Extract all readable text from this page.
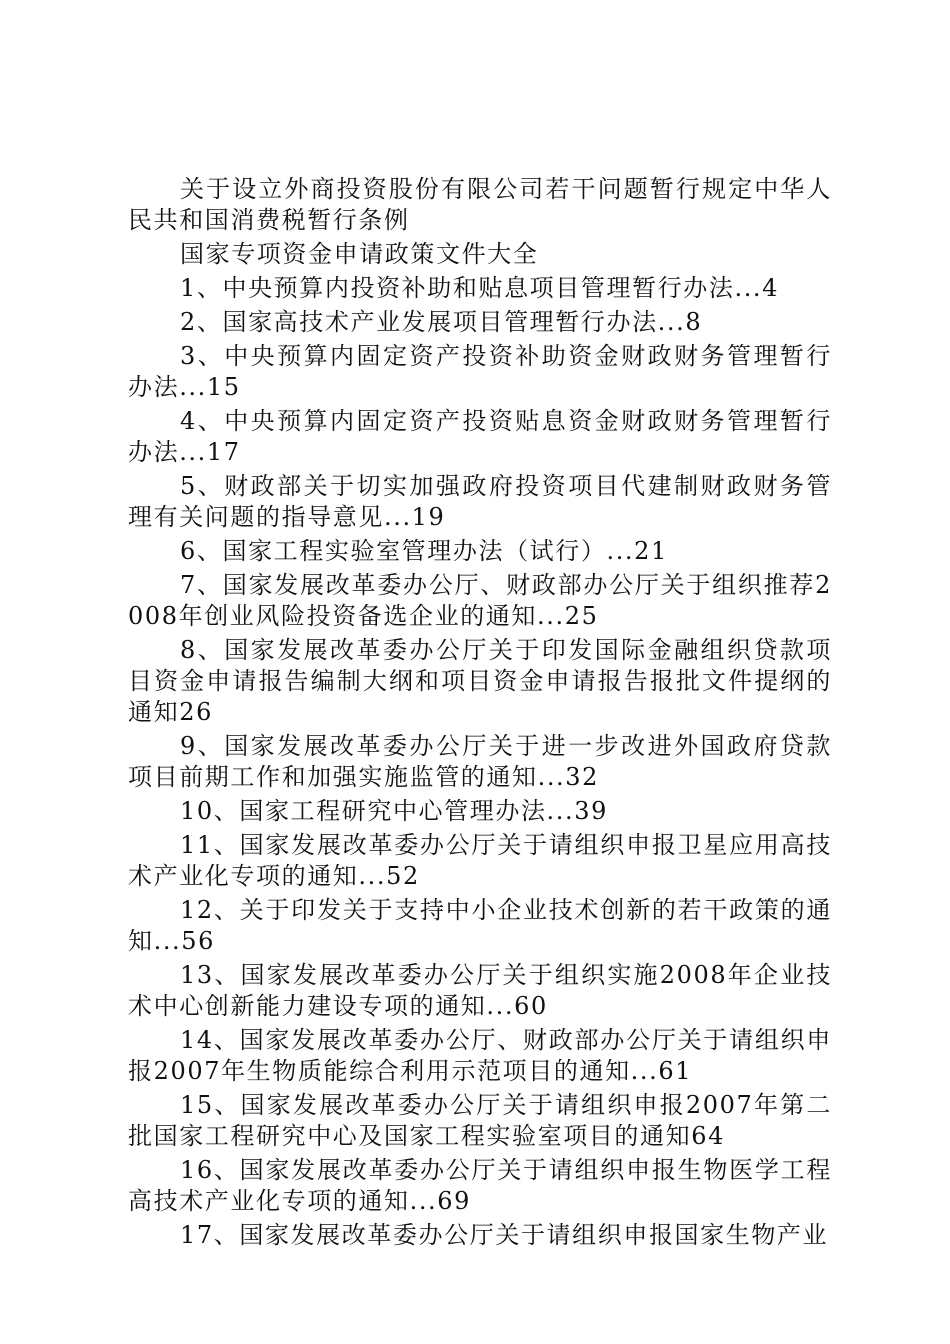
关于设立外商投资股份有限公司若干问题暂行规定中华人民共和国消费税暂行条例

国家专项资金申请政策文件大全

1、中央预算内投资补助和贴息项目管理暂行办法...4

2、国家高技术产业发展项目管理暂行办法...8

3、中央预算内固定资产投资补助资金财政财务管理暂行办法...15

4、中央预算内固定资产投资贴息资金财政财务管理暂行办法...17

5、财政部关于切实加强政府投资项目代建制财政财务管理有关问题的指导意见...19

6、国家工程实验室管理办法（试行）...21

7、国家发展改革委办公厅、财政部办公厅关于组织推荐2008年创业风险投资备选企业的通知...25

8、国家发展改革委办公厅关于印发国际金融组织贷款项目资金申请报告编制大纲和项目资金申请报告报批文件提纲的通知26

9、国家发展改革委办公厅关于进一步改进外国政府贷款项目前期工作和加强实施监管的通知...32

10、国家工程研究中心管理办法...39

11、国家发展改革委办公厅关于请组织申报卫星应用高技术产业化专项的通知...52

12、关于印发关于支持中小企业技术创新的若干政策的通知...56

13、国家发展改革委办公厅关于组织实施2008年企业技术中心创新能力建设专项的通知...60

14、国家发展改革委办公厅、财政部办公厅关于请组织申报2007年生物质能综合利用示范项目的通知...61

15、国家发展改革委办公厅关于请组织申报2007年第二批国家工程研究中心及国家工程实验室项目的通知64

16、国家发展改革委办公厅关于请组织申报生物医学工程高技术产业化专项的通知...69

17、国家发展改革委办公厅关于请组织申报国家生物产业
